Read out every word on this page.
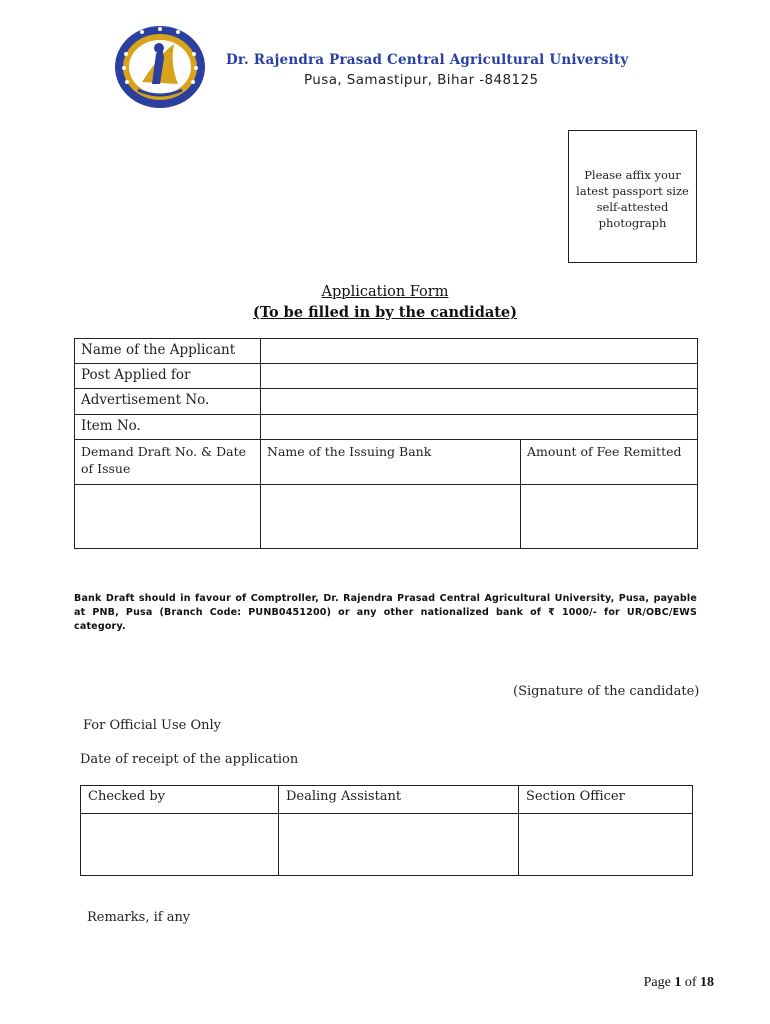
Dr. Rajendra Prasad Central Agricultural University
Pusa, Samastipur, Bihar -848125
Please affix your latest passport size self-attested photograph
Application Form
(To be filled in by the candidate)
Name of the Applicant		
Post Applied for		
Advertisement No.		
Item No.		
Demand Draft No. & Date of Issue	Name of the Issuing Bank	Amount of Fee Remitted

Bank Draft should in favour of Comptroller, Dr. Rajendra Prasad Central Agricultural University, Pusa, payable at PNB, Pusa (Branch Code: PUNB0451200) or any other nationalized bank of ₹ 1000/- for UR/OBC/EWS category.
(Signature of the candidate)
For Official Use Only
Date of receipt of the application
Checked by	Dealing Assistant	Section Officer

Remarks, if any
Page 1 of 18
